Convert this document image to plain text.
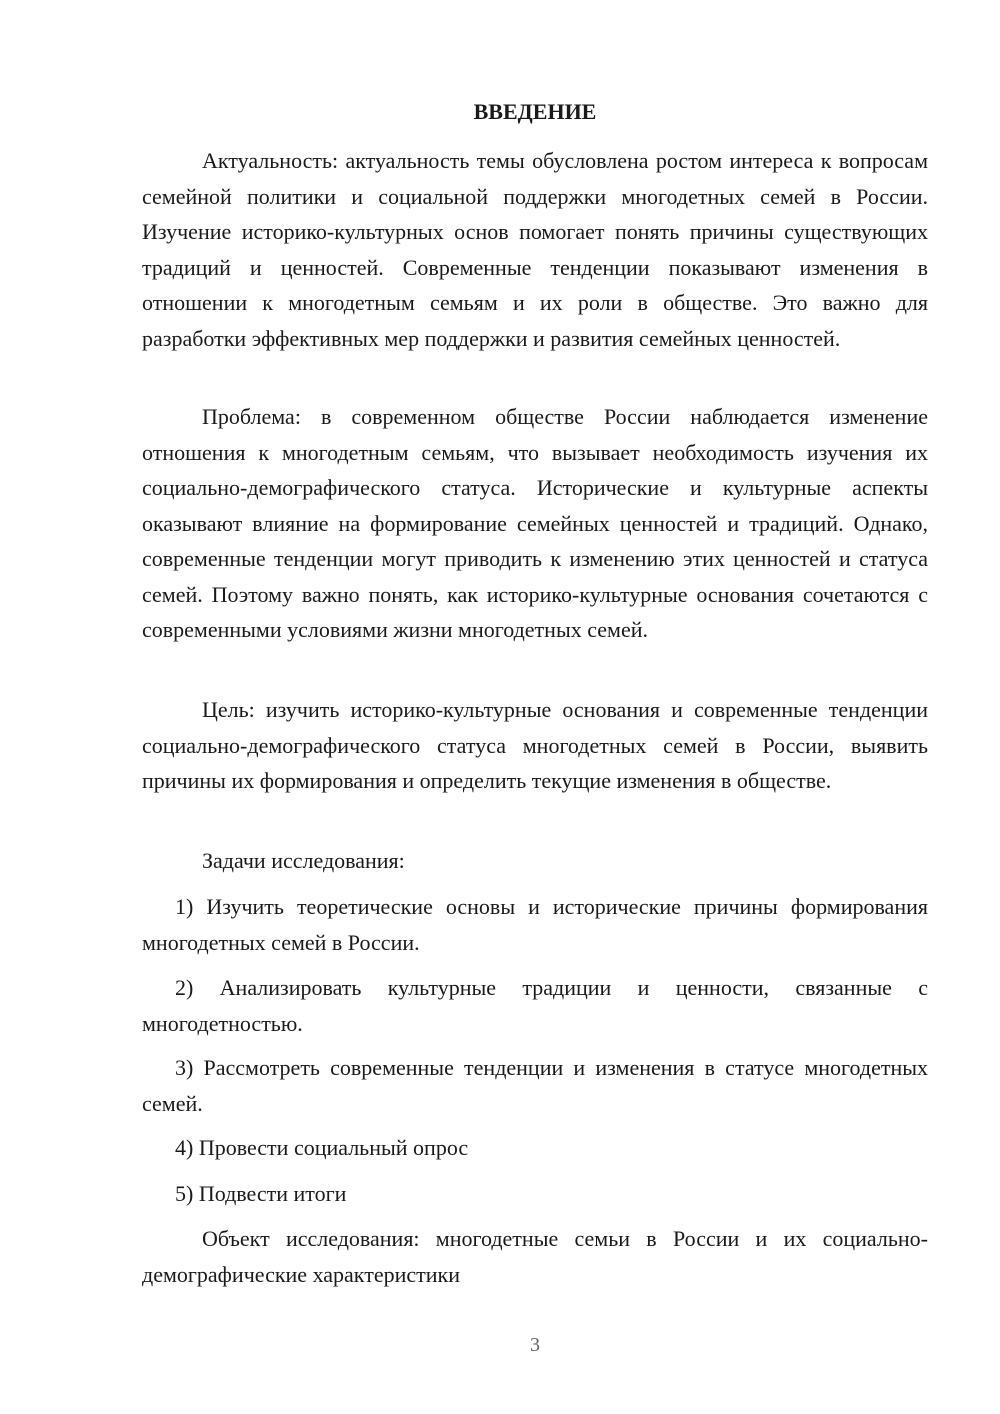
ВВЕДЕНИЕ

Актуальность: актуальность темы обусловлена ростом интереса к вопросам семейной политики и социальной поддержки многодетных семей в России. Изучение историко-культурных основ помогает понять причины существующих традиций и ценностей. Современные тенденции показывают изменения в отношении к многодетным семьям и их роли в обществе. Это важно для разработки эффективных мер поддержки и развития семейных ценностей.

Проблема: в современном обществе России наблюдается изменение отношения к многодетным семьям, что вызывает необходимость изучения их социально-демографического статуса. Исторические и культурные аспекты оказывают влияние на формирование семейных ценностей и традиций. Однако, современные тенденции могут приводить к изменению этих ценностей и статуса семей. Поэтому важно понять, как историко-культурные основания сочетаются с современными условиями жизни многодетных семей.

Цель: изучить историко-культурные основания и современные тенденции социально-демографического статуса многодетных семей в России, выявить причины их формирования и определить текущие изменения в обществе.

Задачи исследования:

1) Изучить теоретические основы и исторические причины формирования многодетных семей в России.

2) Анализировать культурные традиции и ценности, связанные с многодетностью.

3) Рассмотреть современные тенденции и изменения в статусе многодетных семей.

4) Провести социальный опрос

5) Подвести итоги

Объект исследования: многодетные семьи в России и их социально-демографические характеристики

3
